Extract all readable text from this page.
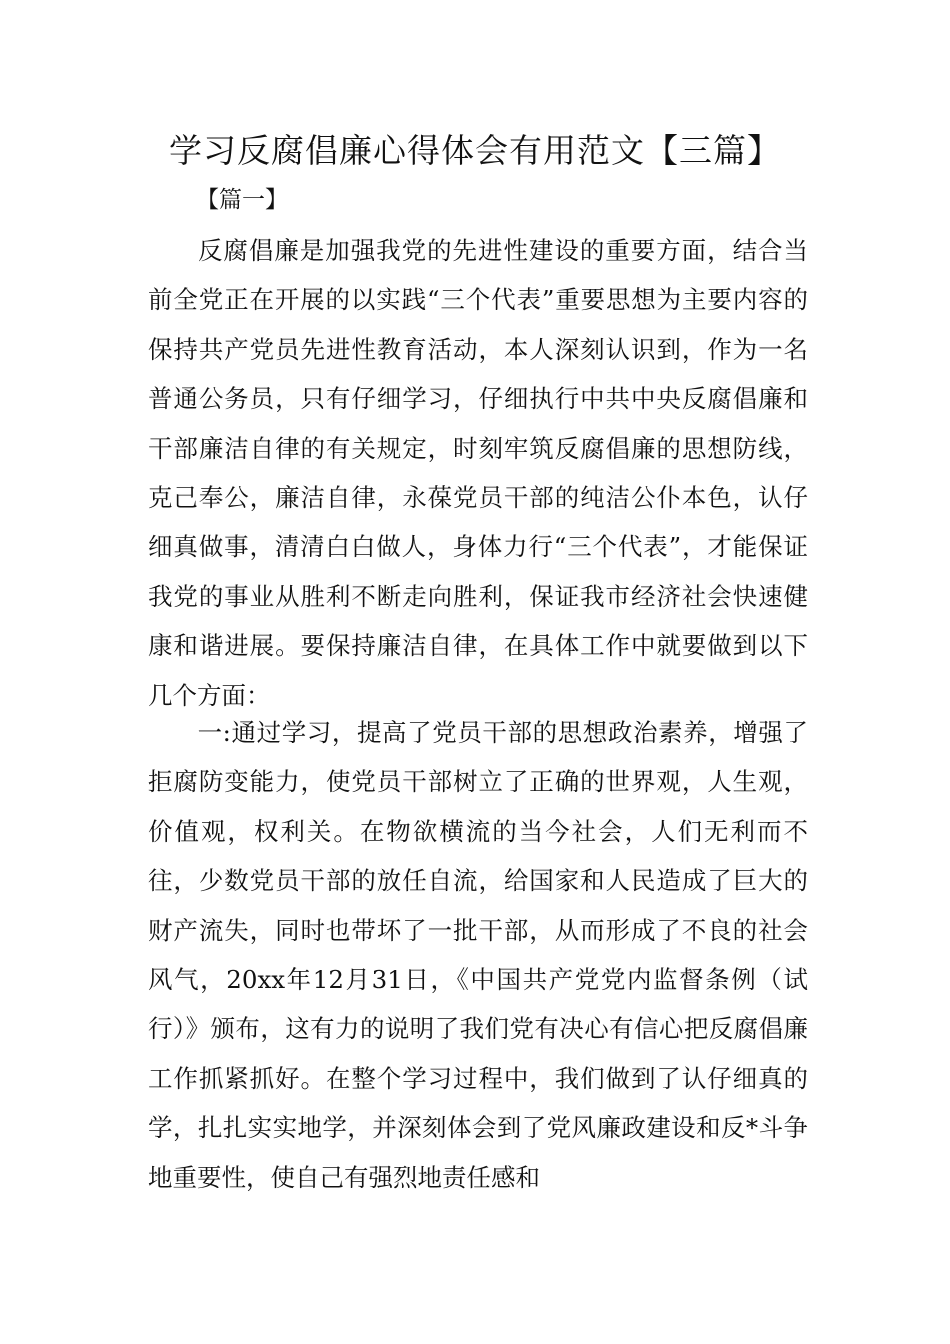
学习反腐倡廉心得体会有用范文【三篇】
【篇一】

反腐倡廉是加强我党的先进性建设的重要方面，结合当前全党正在开展的以实践“三个代表”重要思想为主要内容的保持共产党员先进性教育活动，本人深刻认识到，作为一名普通公务员，只有仔细学习，仔细执行中共中央反腐倡廉和干部廉洁自律的有关规定，时刻牢筑反腐倡廉的思想防线，克己奉公，廉洁自律，永葆党员干部的纯洁公仆本色，认仔细真做事，清清白白做人，身体力行“三个代表”，才能保证我党的事业从胜利不断走向胜利，保证我市经济社会快速健康和谐进展。要保持廉洁自律，在具体工作中就要做到以下几个方面：

一:通过学习，提高了党员干部的思想政治素养，增强了拒腐防变能力，使党员干部树立了正确的世界观，人生观，价值观，权利关。在物欲横流的当今社会，人们无利而不往，少数党员干部的放任自流，给国家和人民造成了巨大的财产流失，同时也带坏了一批干部，从而形成了不良的社会风气，20xx年12月31日，《中国共产党党内监督条例（试行）》颁布，这有力的说明了我们党有决心有信心把反腐倡廉工作抓紧抓好。在整个学习过程中，我们做到了认仔细真的学，扎扎实实地学，并深刻体会到了党风廉政建设和反*斗争地重要性，使自己有强烈地责任感和
